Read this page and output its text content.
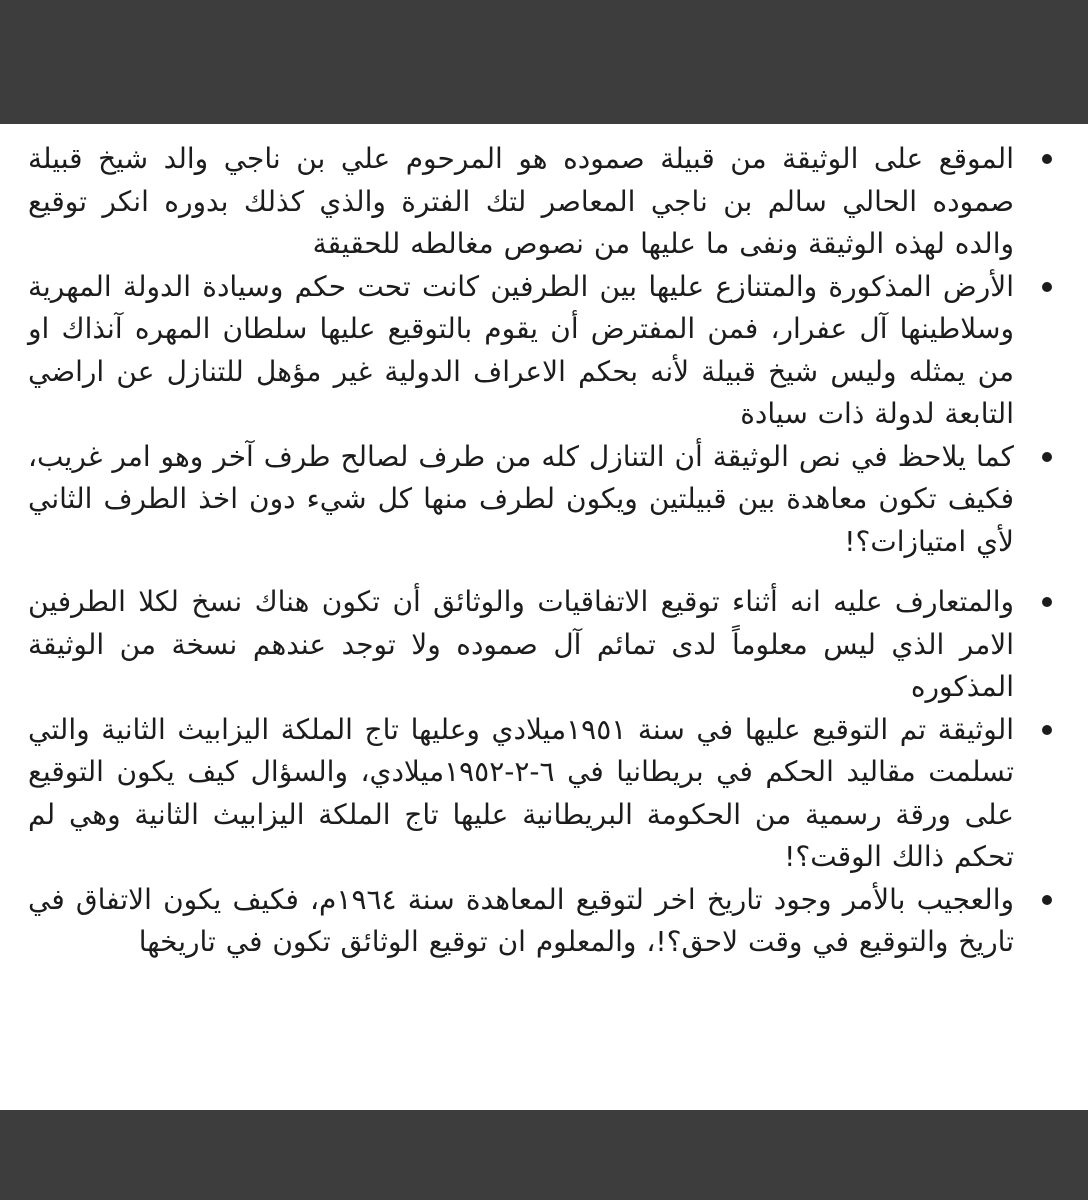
الموقع على الوثيقة من قبيلة صموده هو المرحوم علي بن ناجي والد شيخ قبيلة صموده الحالي سالم بن ناجي المعاصر لتك الفترة والذي كذلك بدوره انكر توقيع والده لهذه الوثيقة ونفى ما عليها من نصوص مغالطه للحقيقة
الأرض المذكورة والمتنازع عليها بين الطرفين كانت تحت حكم وسيادة الدولة المهرية وسلاطينها آل عفرار، فمن المفترض أن يقوم بالتوقيع عليها سلطان المهره آنذاك او من يمثله وليس شيخ قبيلة لأنه بحكم الاعراف الدولية غير مؤهل للتنازل عن اراضي التابعة لدولة ذات سيادة
كما يلاحظ في نص الوثيقة أن التنازل كله من طرف لصالح طرف آخر وهو امر غريب، فكيف تكون معاهدة بين قبيلتين ويكون لطرف منها كل شيء دون اخذ الطرف الثاني لأي امتيازات؟!
والمتعارف عليه انه أثناء توقيع الاتفاقيات والوثائق أن تكون هناك نسخ لكلا الطرفين الامر الذي ليس معلوماً لدى تمائم آل صموده ولا توجد عندهم نسخة من الوثيقة المذكوره
الوثيقة تم التوقيع عليها في سنة ١٩٥١ميلادي وعليها تاج الملكة اليزابيث الثانية والتي تسلمت مقاليد الحكم في بريطانيا في ٦-٢-١٩٥٢ميلادي، والسؤال كيف يكون التوقيع على ورقة رسمية من الحكومة البريطانية عليها تاج الملكة اليزابيث الثانية وهي لم تحكم ذالك الوقت؟!
والعجيب بالأمر وجود تاريخ اخر لتوقيع المعاهدة سنة ١٩٦٤م، فكيف يكون الاتفاق في تاريخ والتوقيع في وقت لاحق؟!، والمعلوم ان توقيع الوثائق تكون في تاريخها
